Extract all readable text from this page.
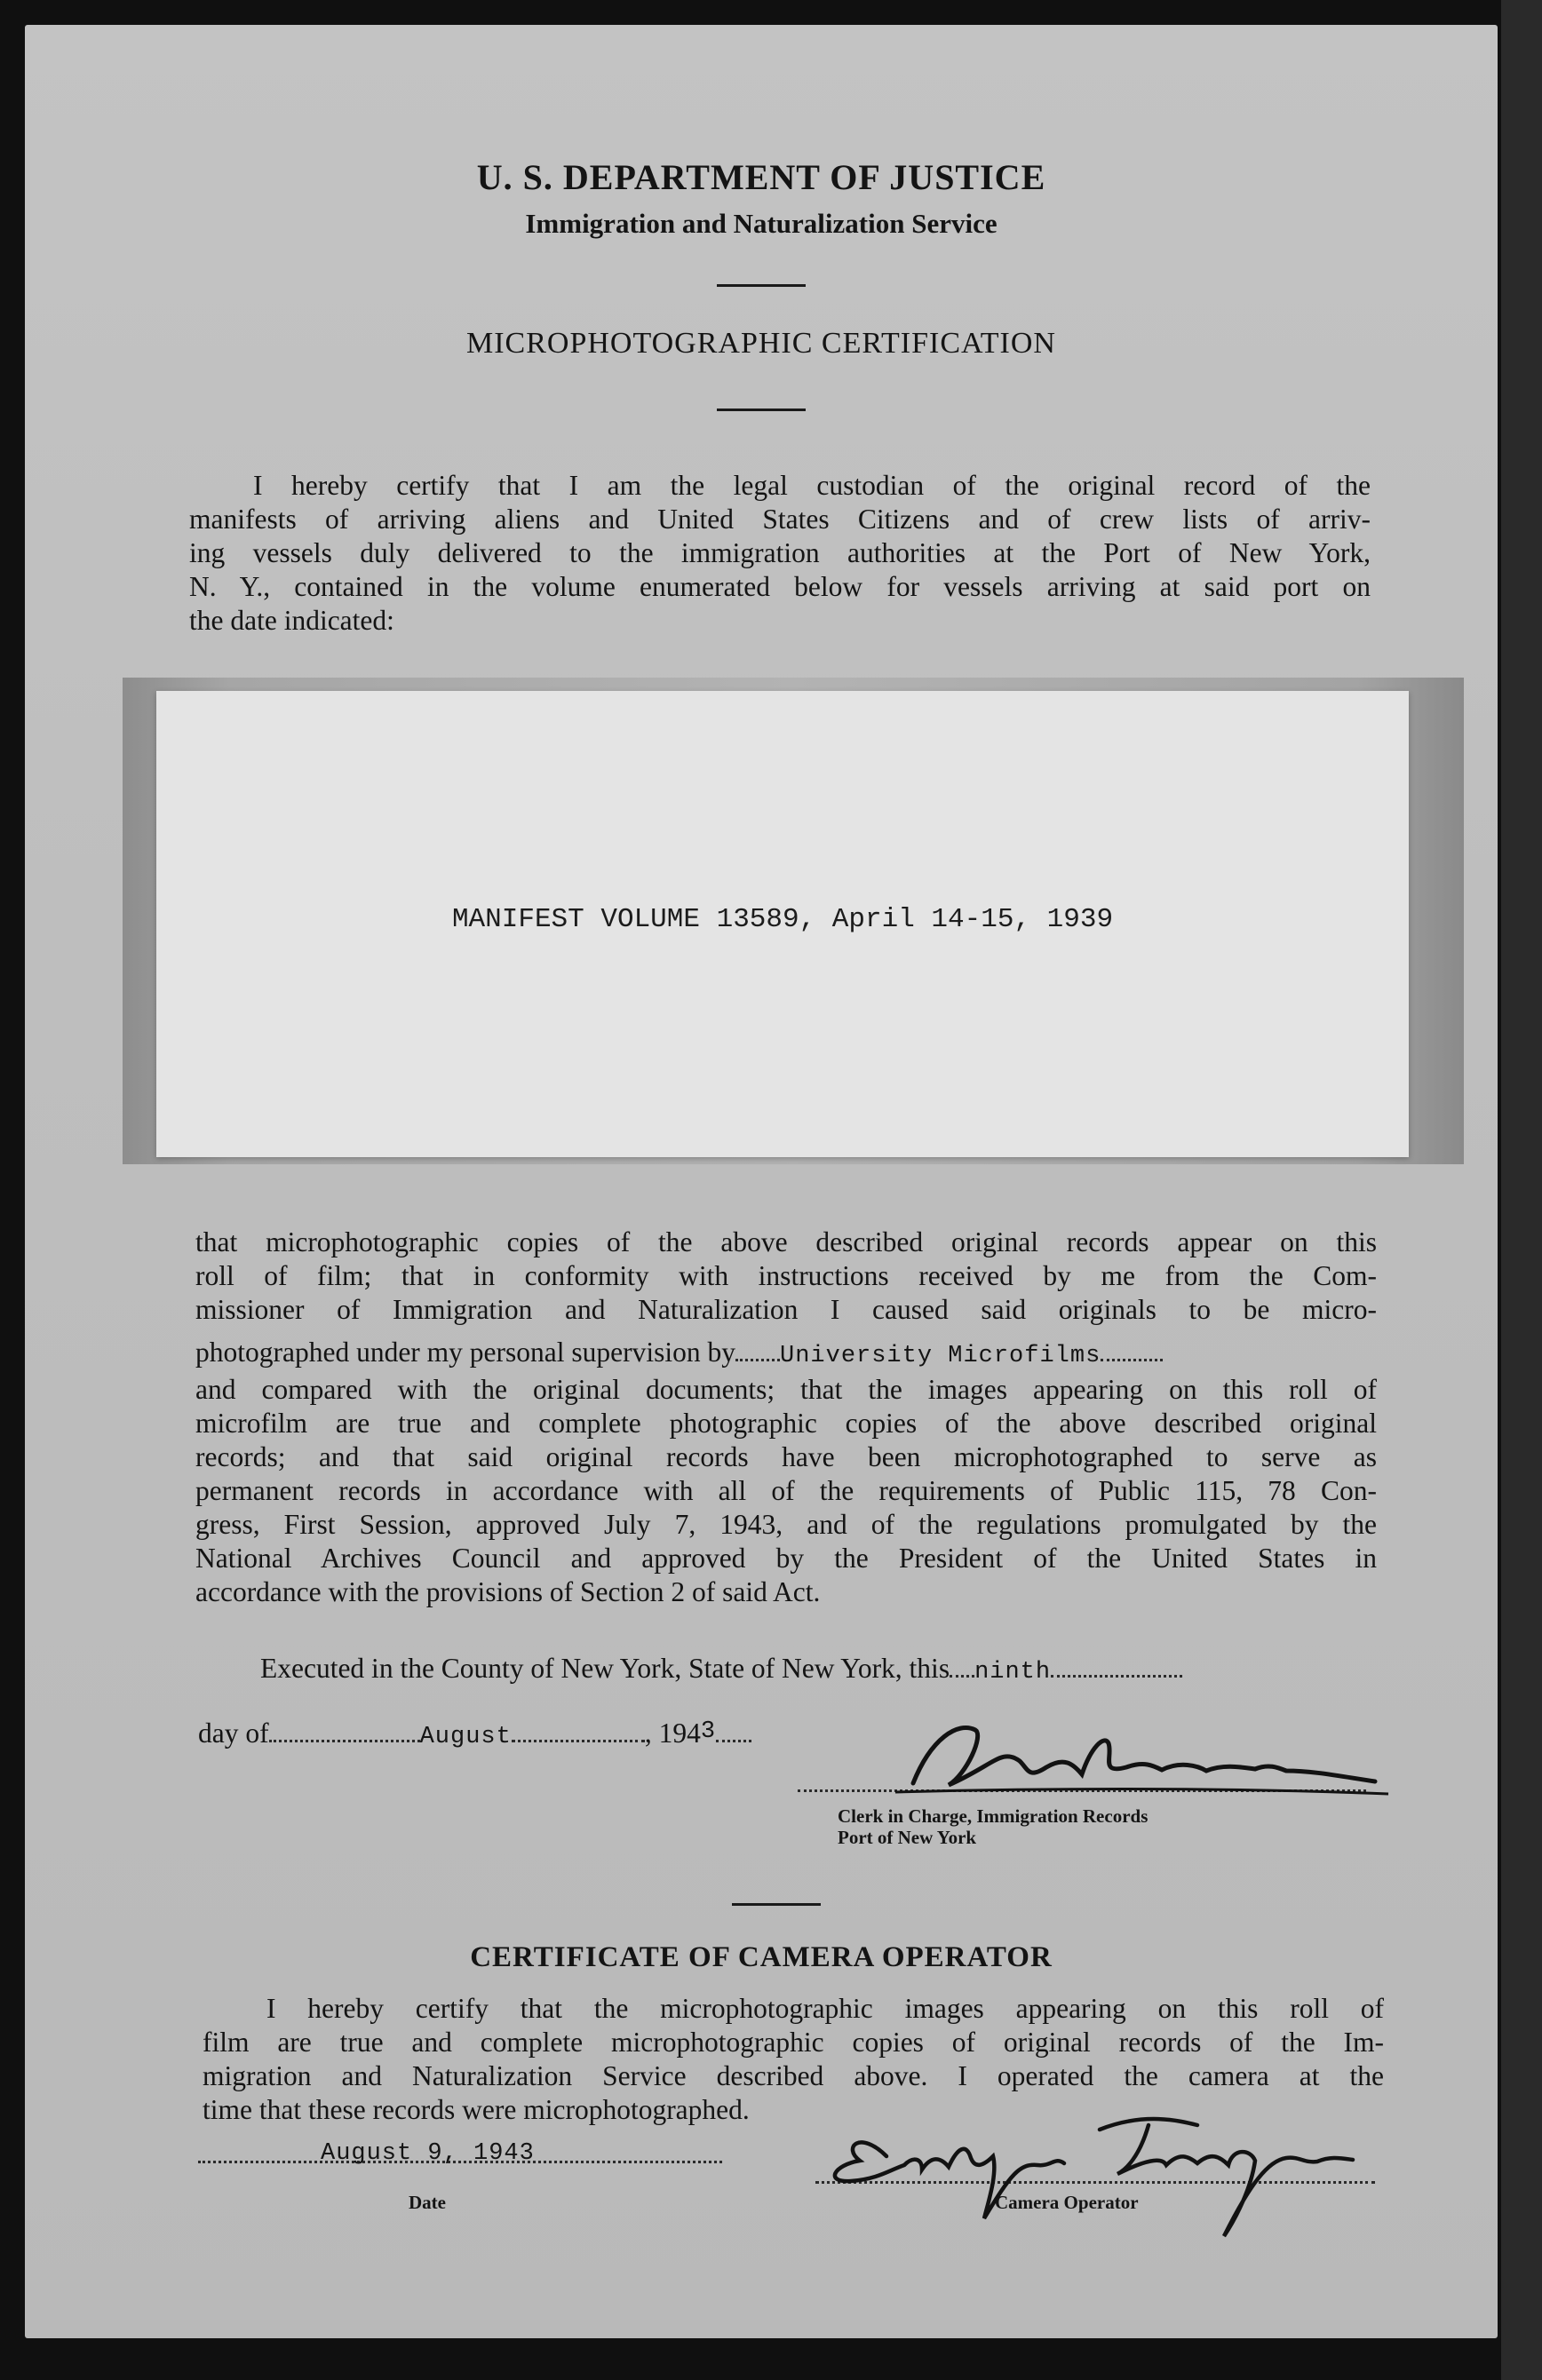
U. S. DEPARTMENT OF JUSTICE
Immigration and Naturalization Service
MICROPHOTOGRAPHIC CERTIFICATION
I hereby certify that I am the legal custodian of the original record of the
manifests of arriving aliens and United States Citizens and of crew lists of arriv-
ing vessels duly delivered to the immigration authorities at the Port of New York,
N. Y., contained in the volume enumerated below for vessels arriving at said port on
the date indicated:
MANIFEST VOLUME 13589, April 14-15, 1939
that microphotographic copies of the above described original records appear on this
roll of film; that in conformity with instructions received by me from the Com-
missioner of Immigration and Naturalization I caused said originals to be micro-
photographed under my personal supervision by University Microfilms
and compared with the original documents; that the images appearing on this roll of
microfilm are true and complete photographic copies of the above described original
records; and that said original records have been microphotographed to serve as
permanent records in accordance with all of the requirements of Public 115, 78 Con-
gress, First Session, approved July 7, 1943, and of the regulations promulgated by the
National Archives Council and approved by the President of the United States in
accordance with the provisions of Section 2 of said Act.
Executed in the County of New York, State of New York, this ninth
day of	August	, 1943
Clerk in Charge, Immigration Records
Port of New York
CERTIFICATE OF CAMERA OPERATOR
I hereby certify that the microphotographic images appearing on this roll of
film are true and complete microphotographic copies of original records of the Im-
migration and Naturalization Service described above. I operated the camera at the
time that these records were microphotographed.
August 9, 1943
Date	Camera Operator
